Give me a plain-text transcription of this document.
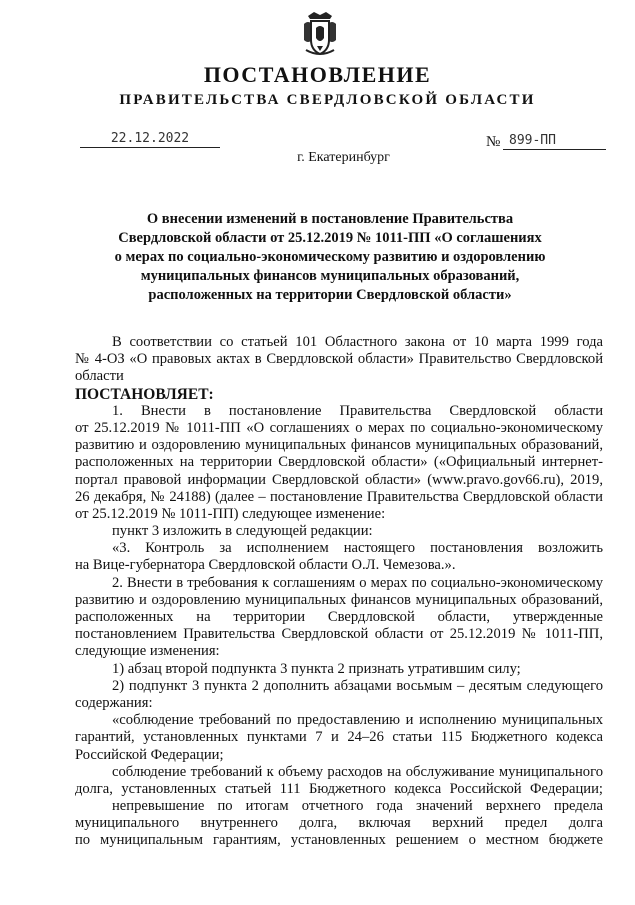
ПОСТАНОВЛЕНИЕ
ПРАВИТЕЛЬСТВА СВЕРДЛОВСКОЙ ОБЛАСТИ
22.12.2022	№ 899-ПП
г. Екатеринбург
О внесении изменений в постановление Правительства
Свердловской области от 25.12.2019 № 1011-ПП «О соглашениях
о мерах по социально-экономическому развитию и оздоровлению
муниципальных финансов муниципальных образований,
расположенных на территории Свердловской области»
В соответствии со статьей 101 Областного закона от 10 марта 1999 года
№ 4-ОЗ «О правовых актах в Свердловской области» Правительство Свердловской
области
ПОСТАНОВЛЯЕТ:
1. Внести в постановление Правительства Свердловской области
от 25.12.2019 № 1011-ПП «О соглашениях о мерах по социально-экономическому
развитию и оздоровлению муниципальных финансов муниципальных образований,
расположенных на территории Свердловской области» («Официальный интернет-
портал правовой информации Свердловской области» (www.pravo.gov66.ru), 2019,
26 декабря, № 24188) (далее – постановление Правительства Свердловской области
от 25.12.2019 № 1011-ПП) следующее изменение:
пункт 3 изложить в следующей редакции:
«3. Контроль за исполнением настоящего постановления возложить
на Вице-губернатора Свердловской области О.Л. Чемезова.».
2. Внести в требования к соглашениям о мерах по социально-экономическому
развитию и оздоровлению муниципальных финансов муниципальных образований,
расположенных на территории Свердловской области, утвержденные
постановлением Правительства Свердловской области от 25.12.2019 № 1011-ПП,
следующие изменения:
1) абзац второй подпункта 3 пункта 2 признать утратившим силу;
2) подпункт 3 пункта 2 дополнить абзацами восьмым – десятым следующего
содержания:
«соблюдение требований по предоставлению и исполнению муниципальных
гарантий, установленных пунктами 7 и 24–26 статьи 115 Бюджетного кодекса
Российской Федерации;
соблюдение требований к объему расходов на обслуживание муниципального
долга, установленных статьей 111 Бюджетного кодекса Российской Федерации;
непревышение по итогам отчетного года значений верхнего предела
муниципального внутреннего долга, включая верхний предел долга
по муниципальным гарантиям, установленных решением о местном бюджете
